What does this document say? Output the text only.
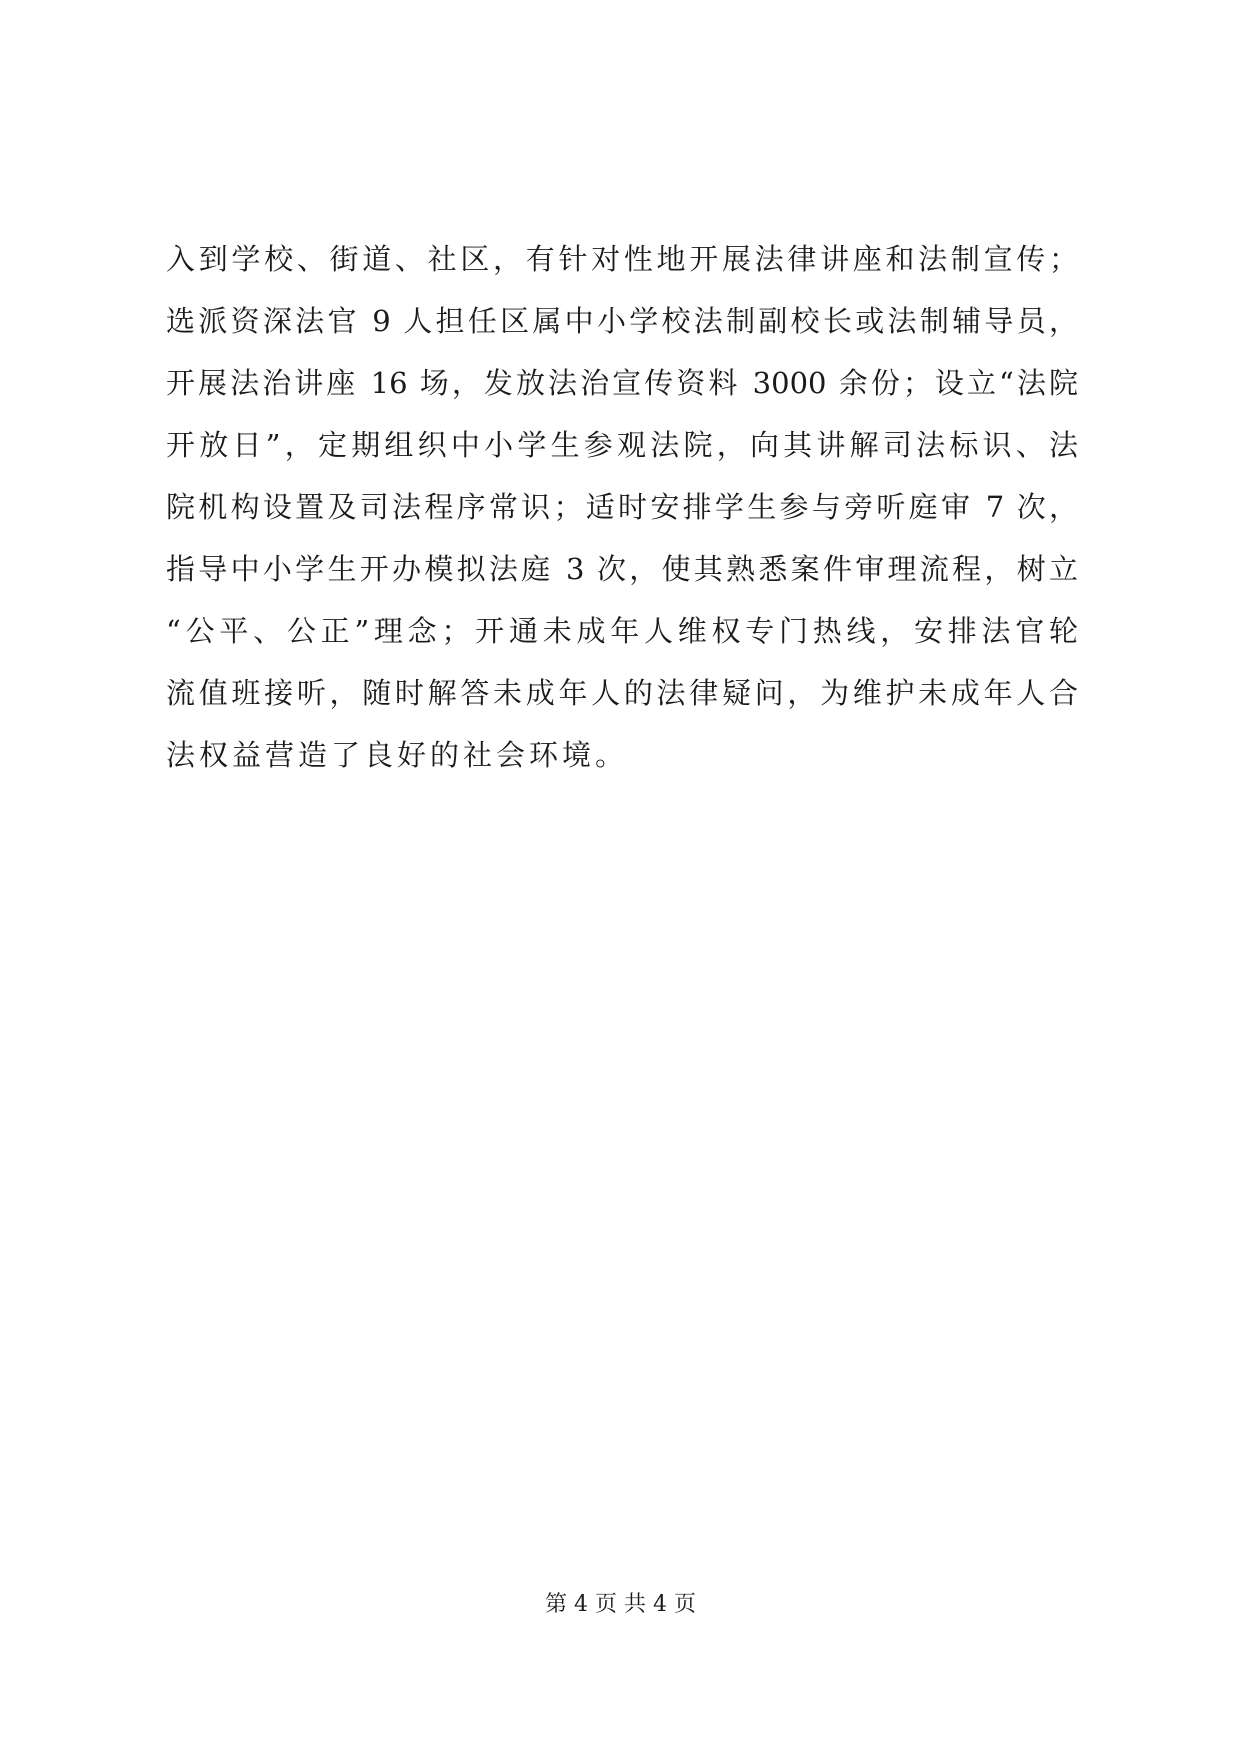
入到学校、街道、社区，有针对性地开展法律讲座和法制宣传；
选派资深法官 9 人担任区属中小学校法制副校长或法制辅导员，
开展法治讲座 16 场，发放法治宣传资料 3000 余份；设立“法院
开放日”，定期组织中小学生参观法院，向其讲解司法标识、法
院机构设置及司法程序常识；适时安排学生参与旁听庭审 7 次，
指导中小学生开办模拟法庭 3 次，使其熟悉案件审理流程，树立
“公平、公正”理念；开通未成年人维权专门热线，安排法官轮
流值班接听，随时解答未成年人的法律疑问，为维护未成年人合
法权益营造了良好的社会环境。
第 4 页 共 4 页
